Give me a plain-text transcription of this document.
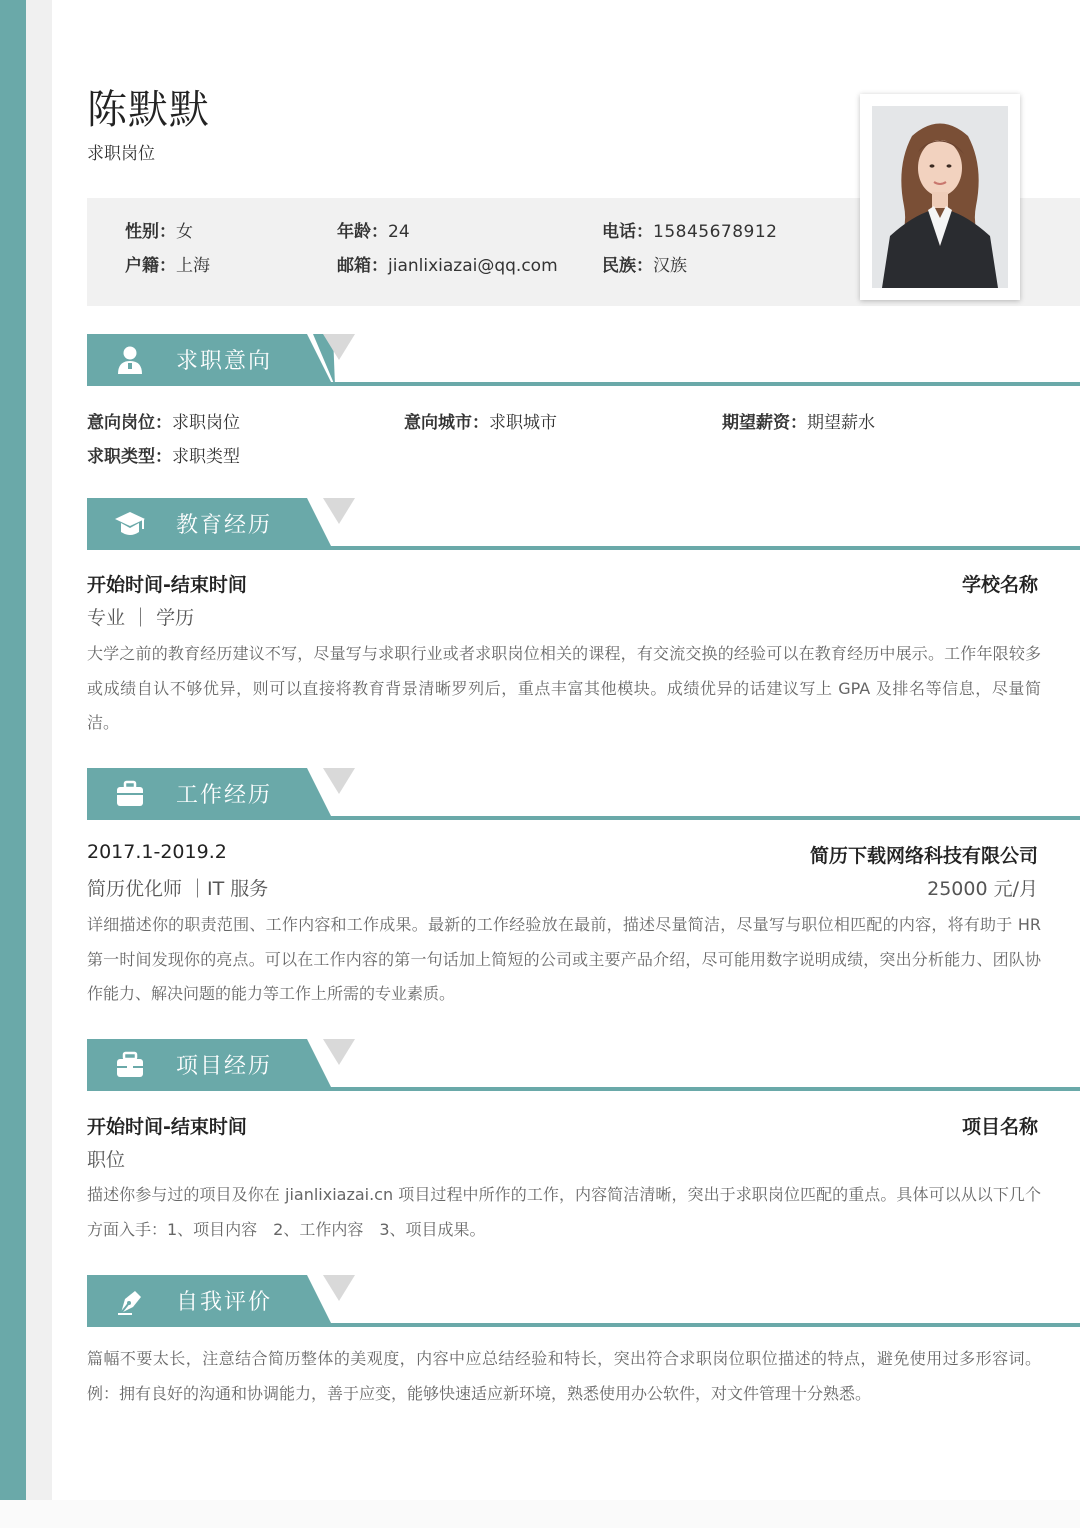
陈默默
求职岗位
性别：女	年龄：24	电话：15845678912
户籍：上海	邮箱：jianlixiazai@qq.com	民族：汉族
求职意向
意向岗位：求职岗位	意向城市：求职城市	期望薪资：期望薪水
求职类型：求职类型
教育经历
开始时间-结束时间	学校名称
专业 ｜ 学历

大学之前的教育经历建议不写，尽量写与求职行业或者求职岗位相关的课程，有交流交换的经验可以在教育经历中展示。工作年限较多或成绩自认不够优异，则可以直接将教育背景清晰罗列后，重点丰富其他模块。成绩优异的话建议写上 GPA 及排名等信息，尽量简洁。

工作经历
2017.1-2019.2	简历下载网络科技有限公司
简历优化师 ｜IT 服务	25000 元/月

详细描述你的职责范围、工作内容和工作成果。最新的工作经验放在最前，描述尽量简洁，尽量写与职位相匹配的内容，将有助于 HR 第一时间发现你的亮点。可以在工作内容的第一句话加上简短的公司或主要产品介绍，尽可能用数字说明成绩，突出分析能力、团队协作能力、解决问题的能力等工作上所需的专业素质。

项目经历
开始时间-结束时间	项目名称
职位

描述你参与过的项目及你在 jianlixiazai.cn 项目过程中所作的工作，内容简洁清晰，突出于求职岗位匹配的重点。具体可以从以下几个方面入手：1、项目内容　2、工作内容　3、项目成果。

自我评价

篇幅不要太长，注意结合简历整体的美观度，内容中应总结经验和特长，突出符合求职岗位职位描述的特点，避免使用过多形容词。例：拥有良好的沟通和协调能力，善于应变，能够快速适应新环境，熟悉使用办公软件，对文件管理十分熟悉。
